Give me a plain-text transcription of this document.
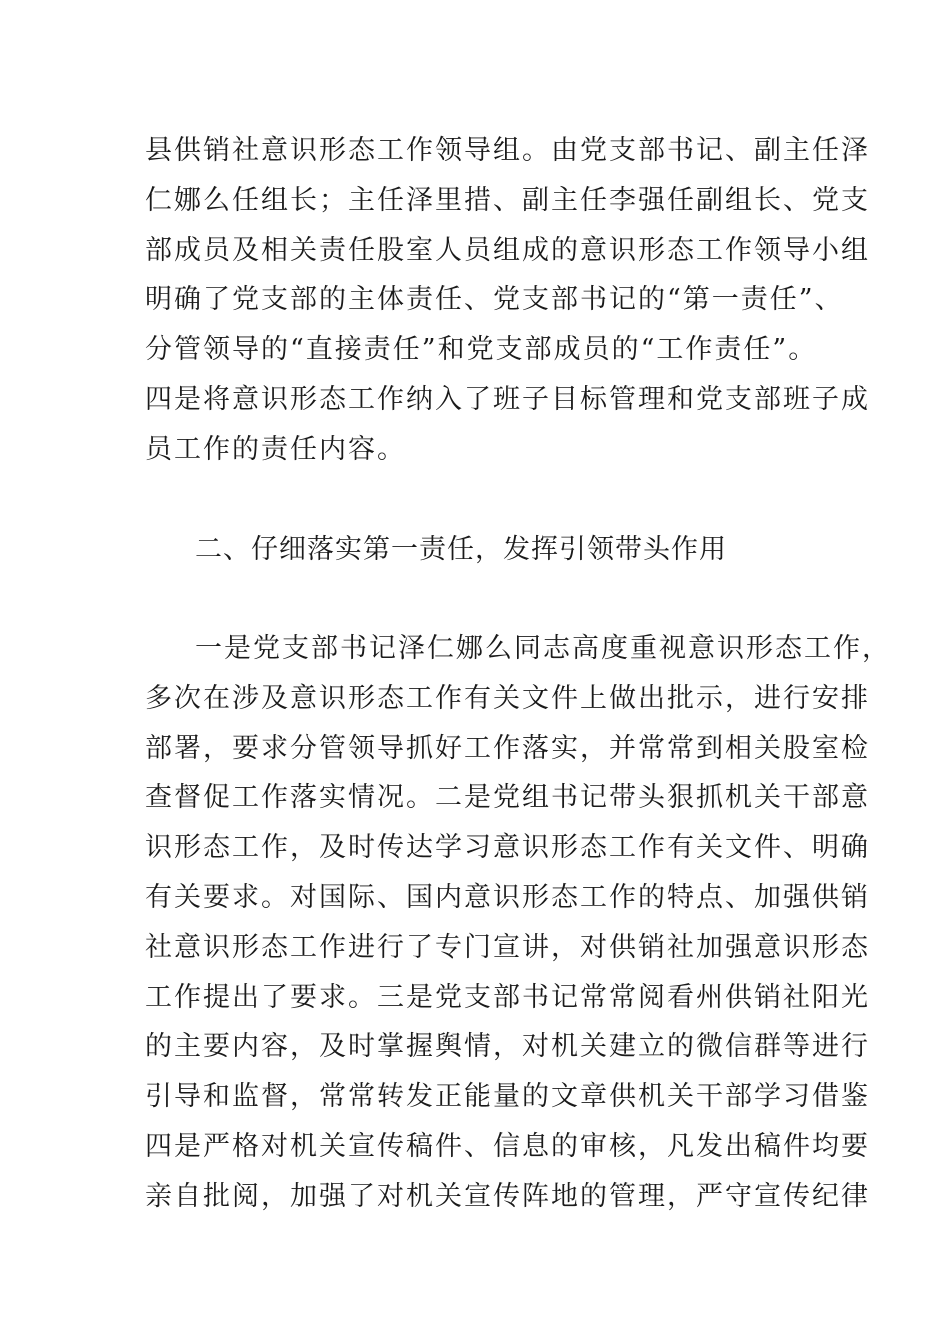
县供销社意识形态工作领导组。由党支部书记、副主任泽
仁娜么任组长；主任泽里措、副主任李强任副组长、党支
部成员及相关责任股室人员组成的意识形态工作领导小组
明确了党支部的主体责任、党支部书记的“第一责任”、
分管领导的“直接责任”和党支部成员的“工作责任”。
四是将意识形态工作纳入了班子目标管理和党支部班子成
员工作的责任内容。
二、仔细落实第一责任，发挥引领带头作用
一是党支部书记泽仁娜么同志高度重视意识形态工作，
多次在涉及意识形态工作有关文件上做出批示，进行安排
部署，要求分管领导抓好工作落实，并常常到相关股室检
查督促工作落实情况。二是党组书记带头狠抓机关干部意
识形态工作，及时传达学习意识形态工作有关文件、明确
有关要求。对国际、国内意识形态工作的特点、加强供销
社意识形态工作进行了专门宣讲，对供销社加强意识形态
工作提出了要求。三是党支部书记常常阅看州供销社阳光
的主要内容，及时掌握舆情，对机关建立的微信群等进行
引导和监督，常常转发正能量的文章供机关干部学习借鉴
四是严格对机关宣传稿件、信息的审核，凡发出稿件均要
亲自批阅，加强了对机关宣传阵地的管理，严守宣传纪律
